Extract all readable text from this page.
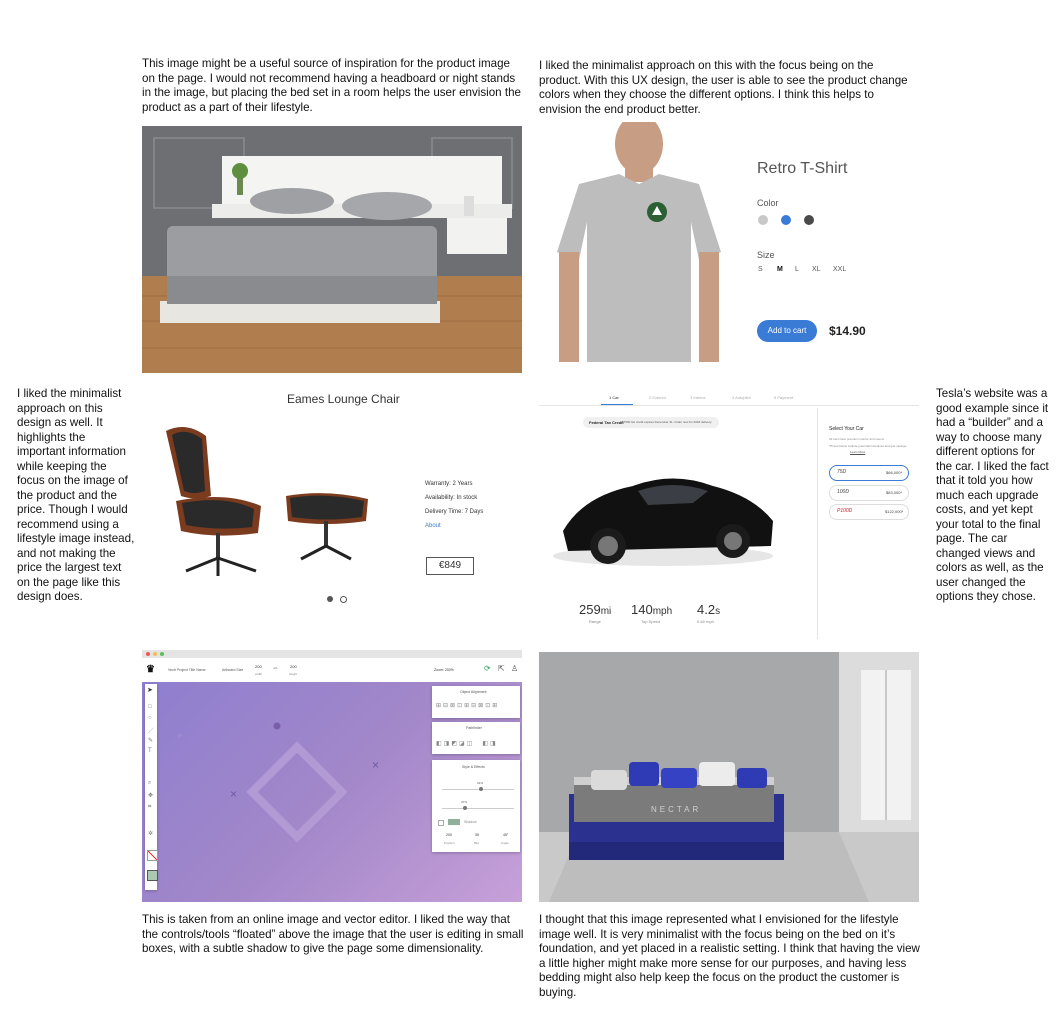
This image might be a useful source of inspiration for the product image on the page. I would not recommend having a headboard or night stands in the image, but placing the bed set in a room helps the user envision the product as a part of their lifestyle.
I liked the minimalist approach on this with the focus being on the product. With this UX design, the user is able to see the product change colors when they choose the different options. I think this helps to envision the end product better.
I liked the minimalist approach on this design as well. It highlights the important information while keeping the focus on the image of the product and the price. Though I would recommend using a lifestyle image instead, and not making the price the largest text on the page like this design does.
Tesla’s website was a good example since it had a “builder” and a way to choose many different options for the car. I liked the fact that it told you how much each upgrade costs, and yet kept your total to the final page. The car changed views and colors as well, as the user changed the options they chose.
This is taken from an online image and vector editor. I liked the way that the controls/tools “floated” above the image that the user is editing in small boxes, with a subtle shadow to give the page some dimensionality.
I thought that this image represented what I envisioned for the lifestyle image well. It is very minimalist with the focus being on the bed on it’s foundation, and yet placed in a realistic setting. I think that having the view a little higher might make more sense for our purposes, and having less bedding might also help keep the focus on the product the customer is buying.
Retro T-Shirt
Color
Size
S M L XL XXL
Add to cart	$14.90
Eames Lounge Chair
Warranty: 2 Years
Availability: In stock
Delivery Time: 7 Days
About
€849
1 Car	2 Exterior	3 Interior	4 Autopilot	5 Payment
Federal Tax Credit
$7500 tax credit expires December 31. Order now for 2018 delivery.
259mi
Range
140mph
Top Speed
4.2s
0-60 mph
Select Your Car
All cars have premium interior and sound.
*Prices below include potential incentives and gas savings.
Learn More
75D	$66,000*
100D	$83,000*
P100D	$122,000*
♛	Vectr Project Title Name	Artboard Size
200
width
⇔	200
height
Zoom: 200%	⟳ ⇱ ♙
×
×
▸
➤
□
○
／
✎
T
⌕
✥
⌗
✲
Object Alignment
⊞⊟⊠⊡⊞⊟⊠⊡⊞
Pathfinder
◧◨◩◪◫　◧◨
Style & Effects
31%
37%
Shadow
200
Position
35
Blur
45°
Angle
NECTAR
